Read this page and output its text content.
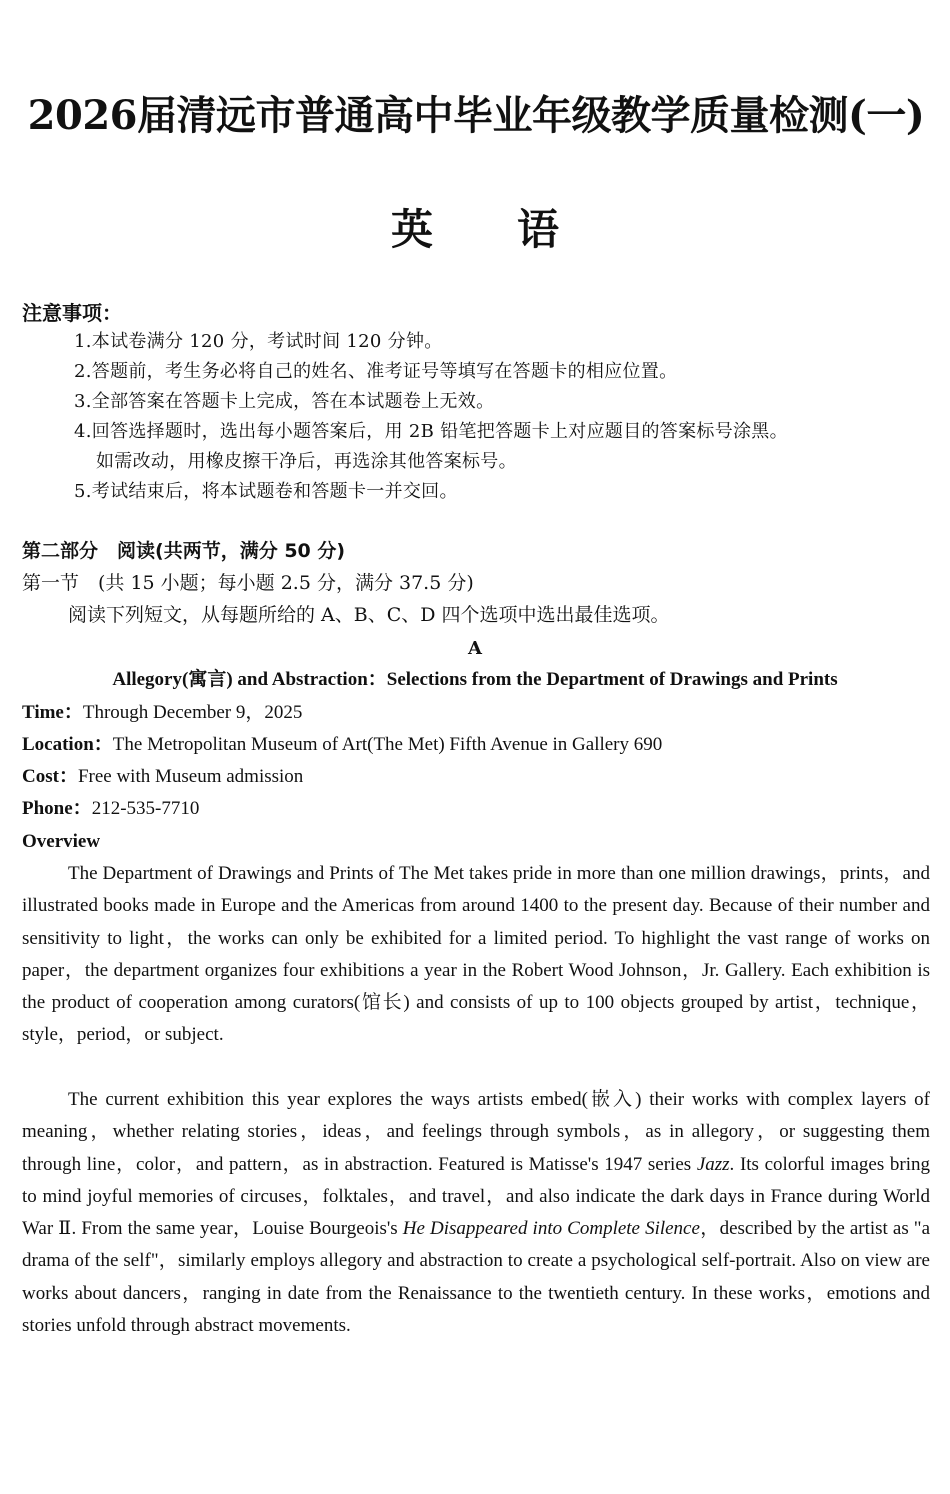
2026届清远市普通高中毕业年级教学质量检测(一)
英语
注意事项：
1.本试卷满分 120 分，考试时间 120 分钟。
2.答题前，考生务必将自己的姓名、准考证号等填写在答题卡的相应位置。
3.全部答案在答题卡上完成，答在本试题卷上无效。
4.回答选择题时，选出每小题答案后，用 2B 铅笔把答题卡上对应题目的答案标号涂黑。
如需改动，用橡皮擦干净后，再选涂其他答案标号。
5.考试结束后，将本试题卷和答题卡一并交回。
第二部分　阅读(共两节，满分 50 分)
第一节　(共 15 小题；每小题 2.5 分，满分 37.5 分)
阅读下列短文，从每题所给的 A、B、C、D 四个选项中选出最佳选项。
A
Allegory(寓言) and Abstraction：Selections from the Department of Drawings and Prints
Time：Through December 9，2025
Location：The Metropolitan Museum of Art(The Met) Fifth Avenue in Gallery 690
Cost：Free with Museum admission
Phone：212-535-7710
Overview

The Department of Drawings and Prints of The Met takes pride in more than one million drawings，prints，and illustrated books made in Europe and the Americas from around 1400 to the present day. Because of their number and sensitivity to light，the works can only be exhibited for a limited period. To highlight the vast range of works on paper，the department organizes four exhibitions a year in the Robert Wood Johnson，Jr. Gallery. Each exhibition is the product of cooperation among curators(馆长) and consists of up to 100 objects grouped by artist，technique，style，period，or subject.

The current exhibition this year explores the ways artists embed(嵌入) their works with complex layers of meaning，whether relating stories，ideas，and feelings through symbols，as in allegory，or suggesting them through line，color，and pattern，as in abstraction. Featured is Matisse's 1947 series Jazz. Its colorful images bring to mind joyful memories of circuses，folktales，and travel，and also indicate the dark days in France during World War Ⅱ. From the same year，Louise Bourgeois's He Disappeared into Complete Silence，described by the artist as "a drama of the self"，similarly employs allegory and abstraction to create a psychological self-portrait. Also on view are works about dancers，ranging in date from the Renaissance to the twentieth century. In these works，emotions and stories unfold through abstract movements.
